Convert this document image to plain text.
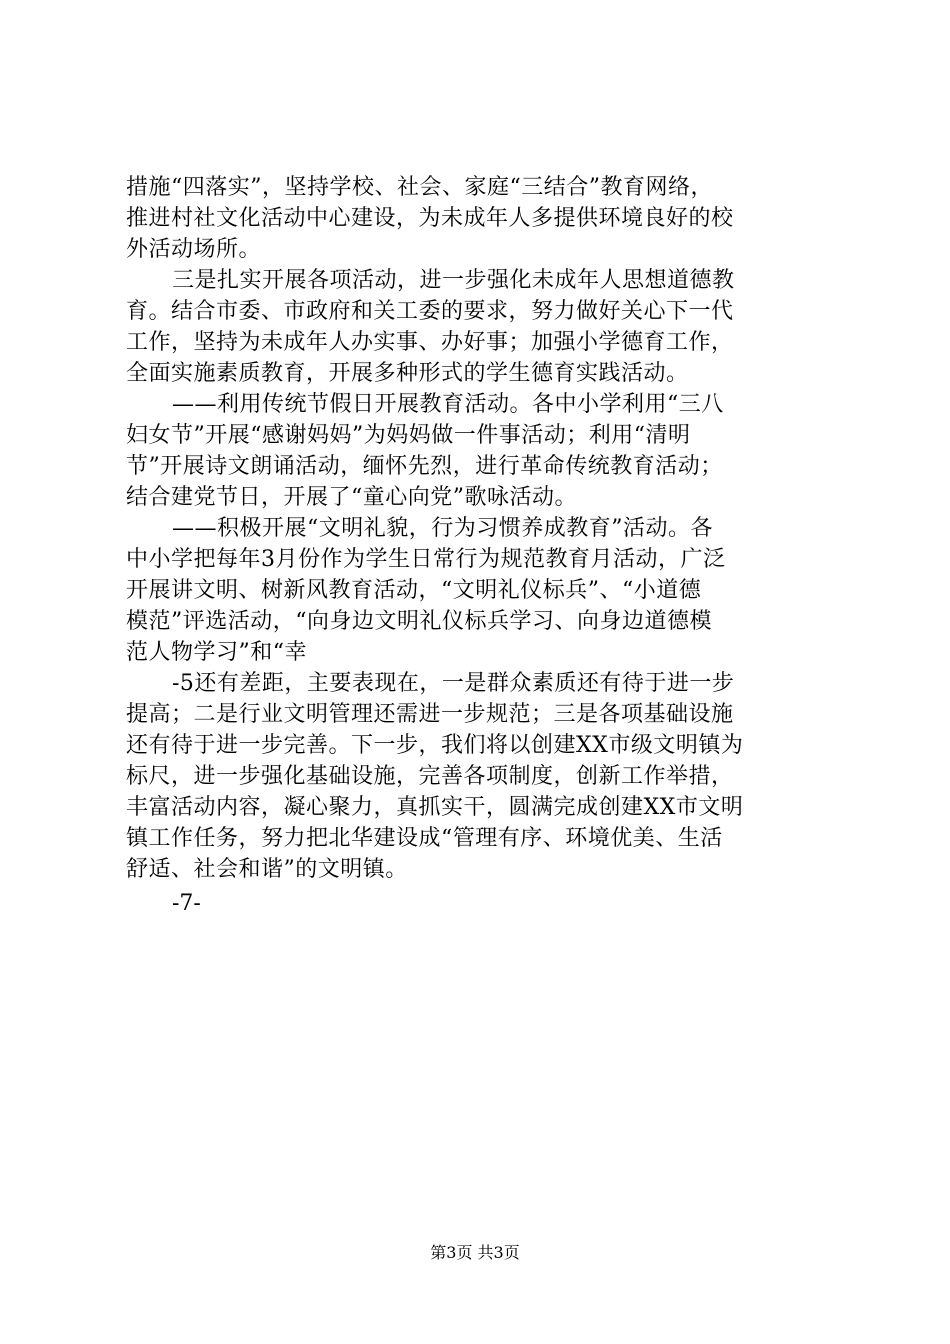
措施“四落实”，坚持学校、社会、家庭“三结合”教育网络，
推进村社文化活动中心建设，为未成年人多提供环境良好的校
外活动场所。
三是扎实开展各项活动，进一步强化未成年人思想道德教
育。结合市委、市政府和关工委的要求，努力做好关心下一代
工作，坚持为未成年人办实事、办好事；加强小学德育工作，
全面实施素质教育，开展多种形式的学生德育实践活动。
——利用传统节假日开展教育活动。各中小学利用“三八
妇女节”开展“感谢妈妈”为妈妈做一件事活动；利用“清明
节”开展诗文朗诵活动，缅怀先烈，进行革命传统教育活动；
结合建党节日，开展了“童心向党”歌咏活动。
——积极开展“文明礼貌，行为习惯养成教育”活动。各
中小学把每年3月份作为学生日常行为规范教育月活动，广泛
开展讲文明、树新风教育活动，“文明礼仪标兵”、“小道德
模范”评选活动，“向身边文明礼仪标兵学习、向身边道德模
范人物学习”和“幸
-5还有差距，主要表现在，一是群众素质还有待于进一步
提高；二是行业文明管理还需进一步规范；三是各项基础设施
还有待于进一步完善。下一步，我们将以创建XX市级文明镇为
标尺，进一步强化基础设施，完善各项制度，创新工作举措，
丰富活动内容，凝心聚力，真抓实干，圆满完成创建XX市文明
镇工作任务，努力把北华建设成“管理有序、环境优美、生活
舒适、社会和谐”的文明镇。
-7-
第3页 共3页
